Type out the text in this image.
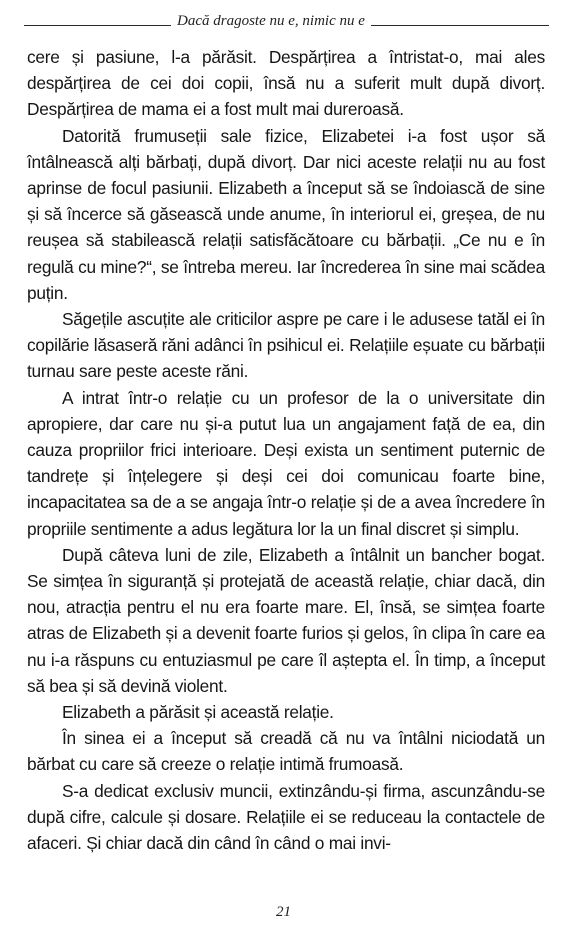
Dacă dragoste nu e, nimic nu e

cere și pasiune, l-a părăsit. Despărțirea a întristat-o, mai ales despărțirea de cei doi copii, însă nu a suferit mult după divorț. Despărțirea de mama ei a fost mult mai dureroasă.

Datorită frumuseții sale fizice, Elizabetei i-a fost ușor să întâlnească alți bărbați, după divorț. Dar nici aceste relații nu au fost aprinse de focul pasiunii. Elizabeth a început să se îndoiască de sine și să încerce să găsească unde anume, în interiorul ei, greșea, de nu reușea să stabilească relații satisfăcătoare cu bărbații. „Ce nu e în regulă cu mine?“, se întreba mereu. Iar încrederea în sine mai scădea puțin.

Săgețile ascuțite ale criticilor aspre pe care i le adusese tatăl ei în copilărie lăsaseră răni adânci în psihicul ei. Relațiile eșuate cu bărbații turnau sare peste aceste răni.

A intrat într-o relație cu un profesor de la o universitate din apropiere, dar care nu și-a putut lua un angajament față de ea, din cauza propriilor frici interioare. Deși exista un sentiment puternic de tandrețe și înțelegere și deși cei doi comunicau foarte bine, incapacitatea sa de a se angaja într-o relație și de a avea încredere în propriile sentimente a adus legătura lor la un final discret și simplu.

După câteva luni de zile, Elizabeth a întâlnit un bancher bogat. Se simțea în siguranță și protejată de această relație, chiar dacă, din nou, atracția pentru el nu era foarte mare. El, însă, se simțea foarte atras de Elizabeth și a devenit foarte furios și gelos, în clipa în care ea nu i-a răspuns cu entuziasmul pe care îl aștepta el. În timp, a început să bea și să devină violent.

Elizabeth a părăsit și această relație.

În sinea ei a început să creadă că nu va întâlni niciodată un bărbat cu care să creeze o relație intimă frumoasă.

S-a dedicat exclusiv muncii, extinzându-și firma, ascunzându-se după cifre, calcule și dosare. Relațiile ei se reduceau la contactele de afaceri. Și chiar dacă din când în când o mai invi-

21
